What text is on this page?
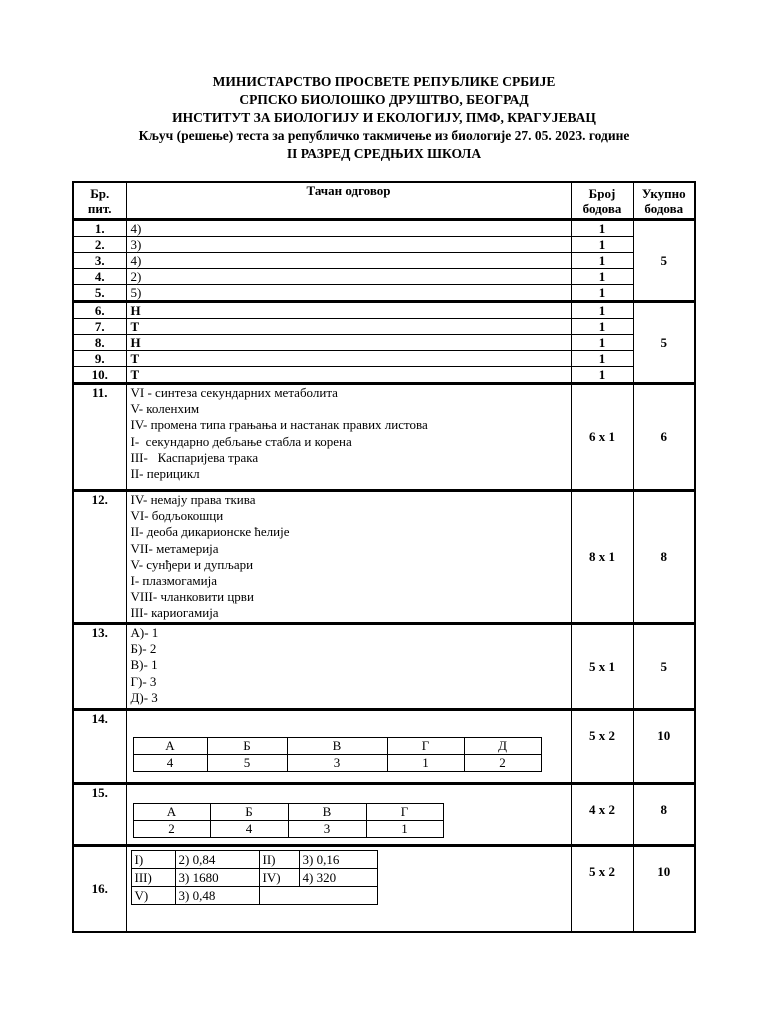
МИНИСТАРСТВО ПРОСВЕТЕ РЕПУБЛИКЕ СРБИЈЕ
СРПСКО БИОЛОШКО ДРУШТВО, БЕОГРАД
ИНСТИТУТ ЗА БИОЛОГИЈУ И ЕКОЛОГИЈУ, ПМФ, КРАГУЈЕВАЦ
Кључ (решење) теста за републичко такмичење из биологије 27. 05. 2023. године
II РАЗРЕД СРЕДЊИХ ШКОЛА
Бр. пит.	Тачан одговор	Број бодова	Укупно бодова
1.	4)	1	5
2.	3)	1
3.	4)	1
4.	2)	1
5.	5)	1
6.	Н	1	5
7.	Т	1
8.	Н	1
9.	Т	1
10.	Т	1
11.	VI - синтеза секундарних метаболита
V- коленхим
IV- промена типа грањања и настанак правих листова
I-  секундарно дебљање стабла и корена
III-   Каспаријева трака
II- перицикл
	6 x 1	6
12.	IV- немају права ткива
VI- бодљокошци
II- деоба дикарионске ћелије
VII- метамерија
V- сунђери и дупљари
I- плазмогамија
VIII- чланковити црви
III- кариогамија
	8 x 1	8
13.	А)- 1
Б)- 2
В)- 1
Г)- 3
Д)- 3
	5 x 1	5
14.	
А	Б	В	Г	Д
4	5	3	1	2
	5 x 2	10
15.	
А	Б	В	Г
2	4	3	1
	4 x 2	8
16.	
I)	2) 0,84	II)	3) 0,16
III)	3) 1680	IV)	4) 320
V)	3) 0,48	
	5 x 2	10
